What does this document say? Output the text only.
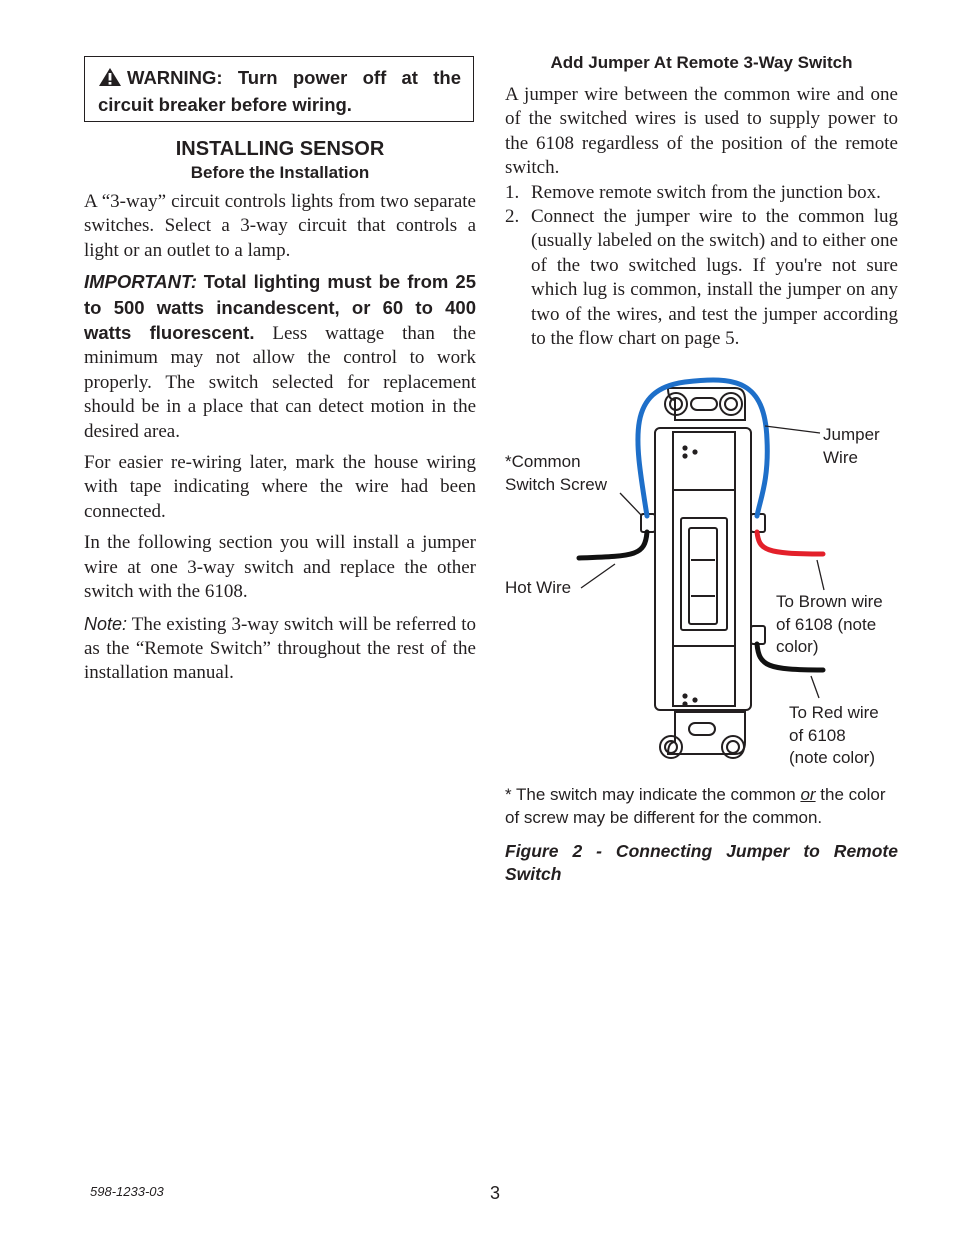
WARNING: Turn power off at the circuit breaker before wiring.
INSTALLING SENSOR
Before the Installation

A “3-way” circuit controls lights from two separate switches. Select a 3-way circuit that controls a light or an outlet to a lamp.

IMPORTANT: Total lighting must be from 25 to 500 watts incandescent, or 60 to 400 watts fluorescent. Less wattage than the minimum may not allow the control to work properly. The switch selected for replacement should be in a place that can detect motion in the desired area.

For easier re-wiring later, mark the house wiring with tape indicating where the wire had been connected.

In the following section you will install a jumper wire at one 3-way switch and replace the other switch with the 6108.

Note: The existing 3-way switch will be referred to as the “Remote Switch” throughout the rest of the installation manual.

Add Jumper At Remote 3-Way Switch

A jumper wire between the common wire and one of the switched wires is used to supply power to the 6108 regardless of the position of the remote switch.

1. Remove remote switch from the junction box.
2. Connect the jumper wire to the common lug (usually labeled on the switch) and to either one of the two switched lugs. If you're not sure which lug is common, install the jumper on any two of the wires, and test the jumper according to the flow chart on page 5.
*Common
Switch Screw
Hot Wire
Jumper
Wire
To Brown wire
of 6108 (note
color)
To Red wire
of 6108
(note color)
* The switch may indicate the common or the color of screw may be different for the common.
Figure 2 - Connecting Jumper to Remote Switch
598-1233-03	3
